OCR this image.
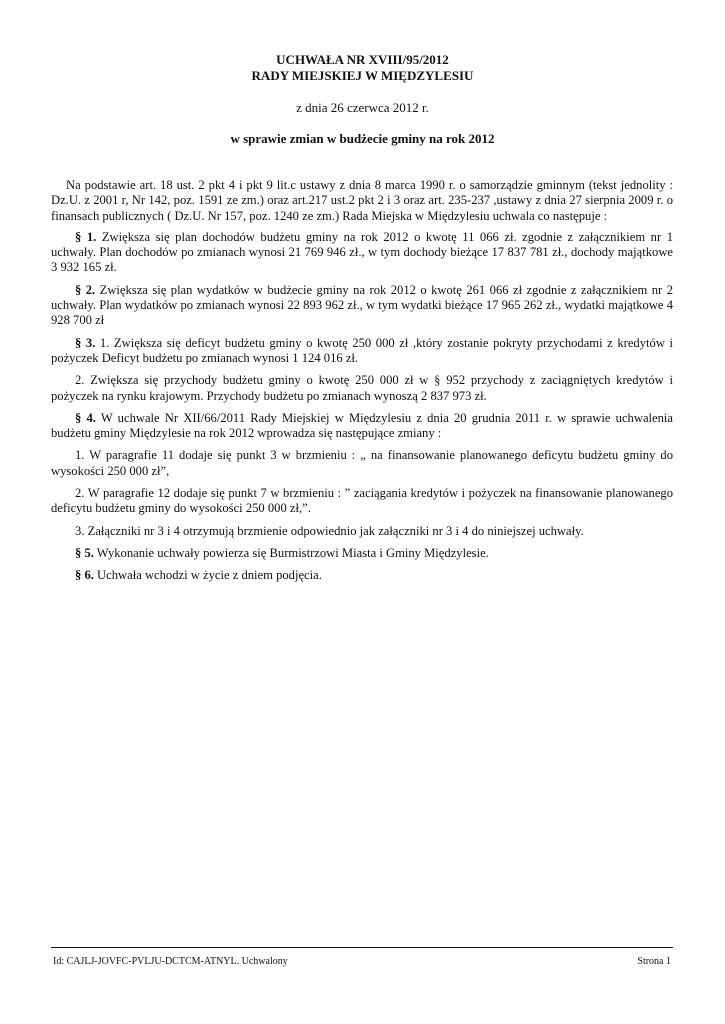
UCHWAŁA NR XVIII/95/2012
RADY MIEJSKIEJ W MIĘDZYLESIU
z dnia 26 czerwca 2012 r.
w sprawie zmian w budżecie gminy na rok 2012

Na podstawie art. 18 ust. 2 pkt 4 i pkt 9 lit.c ustawy z dnia 8 marca 1990 r. o samorządzie gminnym (tekst jednolity : Dz.U. z 2001 r, Nr 142, poz. 1591 ze zm.) oraz art.217 ust.2 pkt 2 i 3 oraz art. 235-237 ,ustawy z dnia 27 sierpnia 2009 r. o finansach publicznych ( Dz.U. Nr 157, poz. 1240 ze zm.) Rada Miejska w Międzylesiu uchwala co następuje :

§ 1. Zwiększa się plan dochodów budżetu gminy na rok 2012 o kwotę 11 066 zł. zgodnie z załącznikiem nr 1 uchwały. Plan dochodów po zmianach wynosi 21 769 946 zł., w tym dochody bieżące 17 837 781 zł., dochody majątkowe 3 932 165 zł.

§ 2. Zwiększa się plan wydatków w budżecie gminy na rok 2012 o kwotę 261 066 zł zgodnie z załącznikiem nr 2 uchwały. Plan wydatków po zmianach wynosi 22 893 962 zł., w tym wydatki bieżące 17 965 262 zł., wydatki majątkowe 4 928 700 zł

§ 3. 1. Zwiększa się deficyt budżetu gminy o kwotę 250 000 zł ,który zostanie pokryty przychodami z kredytów i pożyczek Deficyt budżetu po zmianach wynosi 1 124 016 zł.

2. Zwiększa się przychody budżetu gminy o kwotę 250 000 zł w § 952 przychody z zaciągniętych kredytów i pożyczek na rynku krajowym. Przychody budżetu po zmianach wynoszą 2 837 973 zł.

§ 4. W uchwale Nr XII/66/2011 Rady Miejskiej w Międzylesiu z dnia 20 grudnia 2011 r. w sprawie uchwalenia budżetu gminy Międzylesie na rok 2012 wprowadza się następujące zmiany :

1. W paragrafie 11 dodaje się punkt 3 w brzmieniu : „ na finansowanie planowanego deficytu budżetu gminy do wysokości 250 000 zł”,

2. W paragrafie 12 dodaje się punkt 7 w brzmieniu : ” zaciągania kredytów i pożyczek na finansowanie planowanego deficytu budżetu gminy do wysokości 250 000 zł,”.

3. Załączniki nr 3 i 4 otrzymują brzmienie odpowiednio jak załączniki nr 3 i 4 do niniejszej uchwały.

§ 5. Wykonanie uchwały powierza się Burmistrzowi Miasta i Gminy Międzylesie.

§ 6. Uchwała wchodzi w życie z dniem podjęcia.

Id: CAJLJ-JOVFC-PVLJU-DCTCM-ATNYL. Uchwalony	Strona 1
